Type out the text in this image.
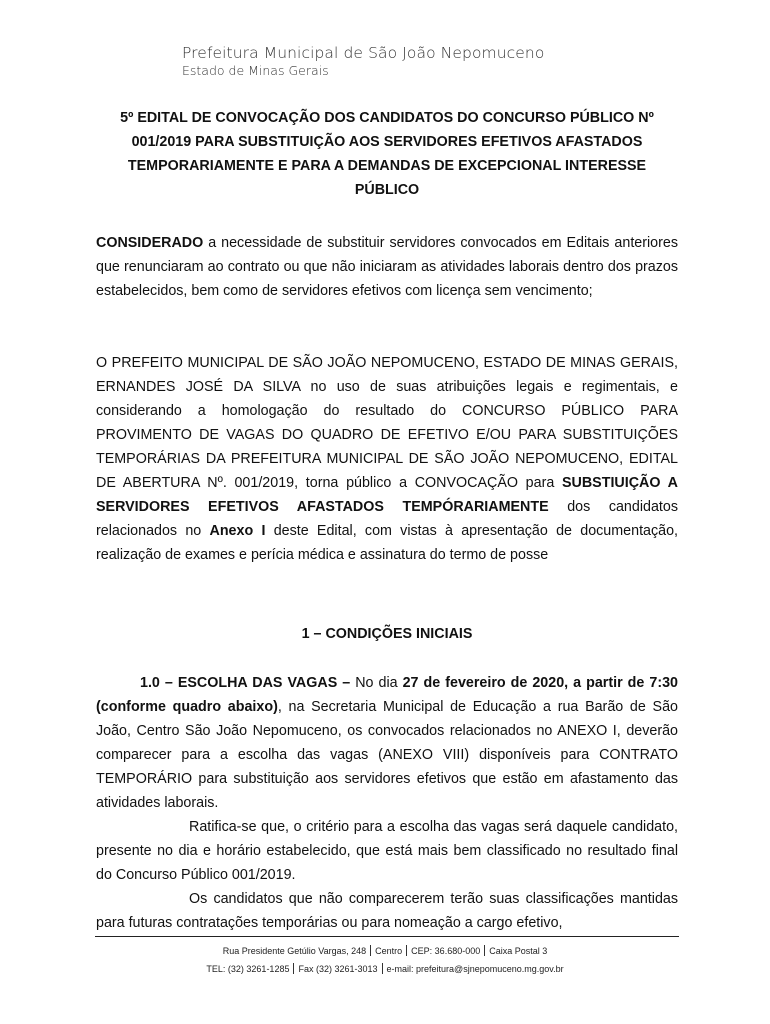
Prefeitura Municipal de São João Nepomuceno
Estado de Minas Gerais
5º EDITAL DE CONVOCAÇÃO DOS CANDIDATOS DO CONCURSO PÚBLICO Nº 001/2019 PARA SUBSTITUIÇÃO AOS SERVIDORES EFETIVOS AFASTADOS TEMPORARIAMENTE E PARA A DEMANDAS DE EXCEPCIONAL INTERESSE PÚBLICO
CONSIDERADO a necessidade de substituir servidores convocados em Editais anteriores que renunciaram ao contrato ou que não iniciaram as atividades laborais dentro dos prazos estabelecidos, bem como de servidores efetivos com licença sem vencimento;
O PREFEITO MUNICIPAL DE SÃO JOÃO NEPOMUCENO, ESTADO DE MINAS GERAIS, ERNANDES JOSÉ DA SILVA no uso de suas atribuições legais e regimentais, e considerando a homologação do resultado do CONCURSO PÚBLICO PARA PROVIMENTO DE VAGAS DO QUADRO DE EFETIVO E/OU PARA SUBSTITUIÇÕES TEMPORÁRIAS DA PREFEITURA MUNICIPAL DE SÃO JOÃO NEPOMUCENO, EDITAL DE ABERTURA Nº. 001/2019, torna público a CONVOCAÇÃO para SUBSTIUIÇÃO A SERVIDORES EFETIVOS AFASTADOS TEMPÓRARIAMENTE dos candidatos relacionados no Anexo I deste Edital, com vistas à apresentação de documentação, realização de exames e perícia médica e assinatura do termo de posse
1 – CONDIÇÕES INICIAIS
1.0 – ESCOLHA DAS VAGAS – No dia 27 de fevereiro de 2020, a partir de 7:30 (conforme quadro abaixo), na Secretaria Municipal de Educação a rua Barão de São João, Centro São João Nepomuceno, os convocados relacionados no ANEXO I, deverão comparecer para a escolha das vagas (ANEXO VIII) disponíveis para CONTRATO TEMPORÁRIO para substituição aos servidores efetivos que estão em afastamento das atividades laborais.
Ratifica-se que, o critério para a escolha das vagas será daquele candidato, presente no dia e horário estabelecido, que está mais bem classificado no resultado final do Concurso Público 001/2019.
Os candidatos que não comparecerem terão suas classificações mantidas para futuras contratações temporárias ou para nomeação a cargo efetivo,
Rua Presidente Getúlio Vargas, 248 Centro CEP: 36.680-000 Caixa Postal 3
TEL: (32) 3261-1285 Fax (32) 3261-3013 e-mail: prefeitura@sjnepomuceno.mg.gov.br
